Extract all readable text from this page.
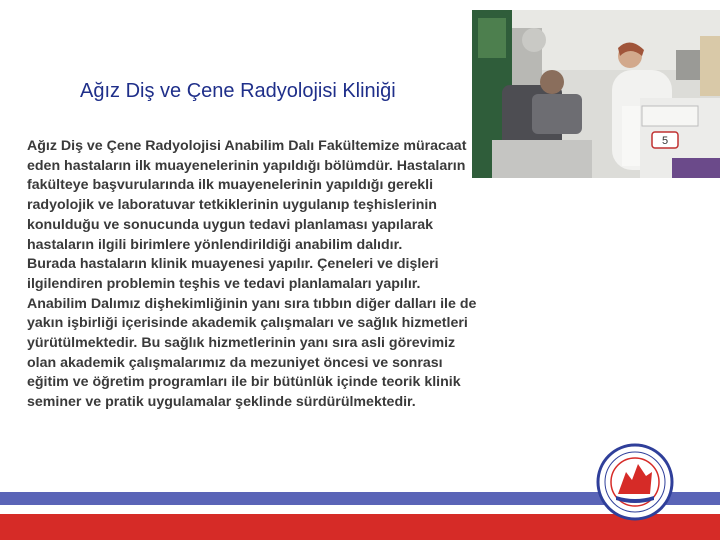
Ağız Diş ve Çene Radyolojisi Kliniği
5
Ağız Diş ve Çene Radyolojisi Anabilim Dalı Fakültemize müracaat
eden hastaların ilk muayenelerinin yapıldığı bölümdür. Hastaların
fakülteye başvurularında ilk muayenelerinin yapıldığı gerekli
radyolojik ve laboratuvar tetkiklerinin uygulanıp teşhislerinin
konulduğu ve sonucunda uygun tedavi planlaması yapılarak
hastaların ilgili birimlere yönlendirildiği anabilim dalıdır.
Burada hastaların klinik muayenesi yapılır. Çeneleri ve dişleri
ilgilendiren problemin teşhis ve tedavi planlamaları yapılır.
Anabilim Dalımız dişhekimliğinin yanı sıra tıbbın diğer dalları ile de
yakın işbirliği içerisinde akademik çalışmaları ve sağlık hizmetleri
yürütülmektedir. Bu sağlık hizmetlerinin yanı sıra asli görevimiz
olan akademik çalışmalarımız da mezuniyet öncesi ve sonrası
eğitim ve öğretim programları ile bir bütünlük içinde teorik klinik
seminer ve pratik uygulamalar şeklinde sürdürülmektedir.
